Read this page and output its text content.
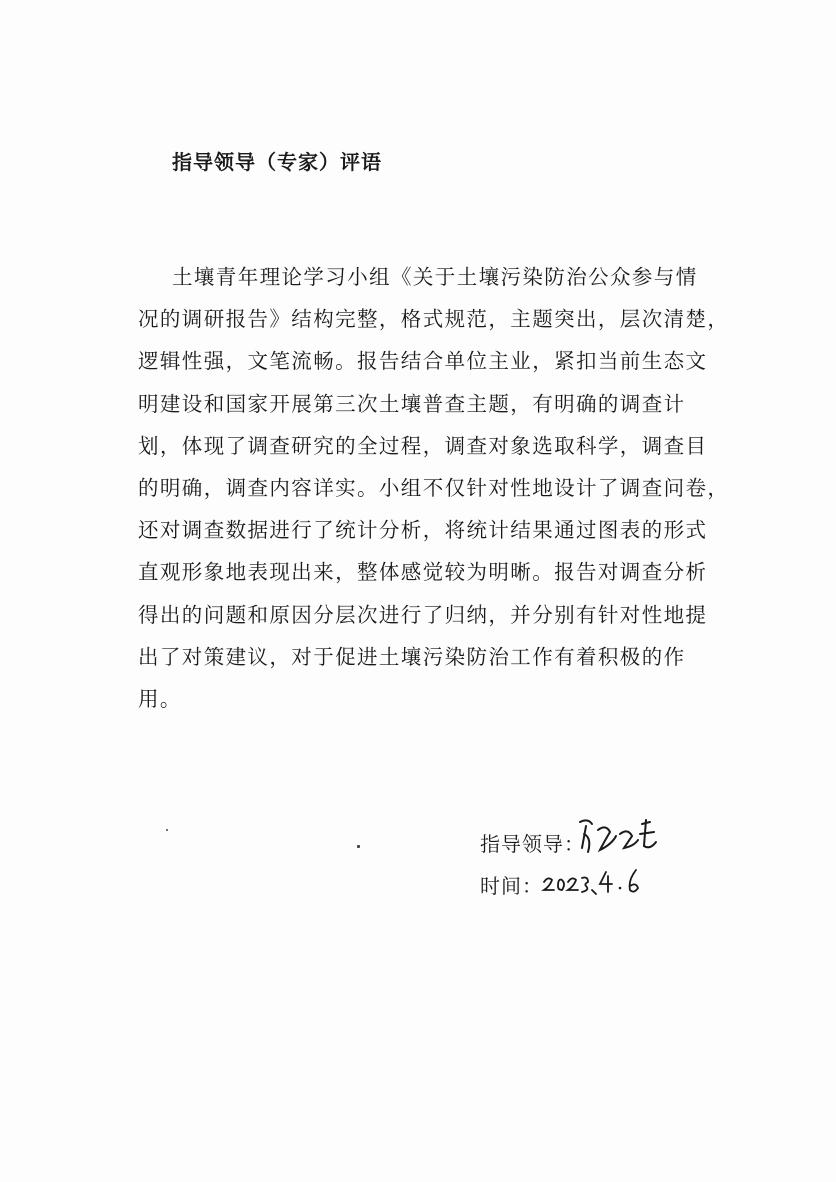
指导领导（专家）评语
土壤青年理论学习小组《关于土壤污染防治公众参与情
况的调研报告》结构完整，格式规范，主题突出，层次清楚，
逻辑性强，文笔流畅。报告结合单位主业，紧扣当前生态文
明建设和国家开展第三次土壤普查主题，有明确的调查计
划，体现了调查研究的全过程，调查对象选取科学，调查目
的明确，调查内容详实。小组不仅针对性地设计了调查问卷，
还对调查数据进行了统计分析，将统计结果通过图表的形式
直观形象地表现出来，整体感觉较为明晰。报告对调查分析
得出的问题和原因分层次进行了归纳，并分别有针对性地提
出了对策建议，对于促进土壤污染防治工作有着积极的作
用。
指导领导：
时间：
